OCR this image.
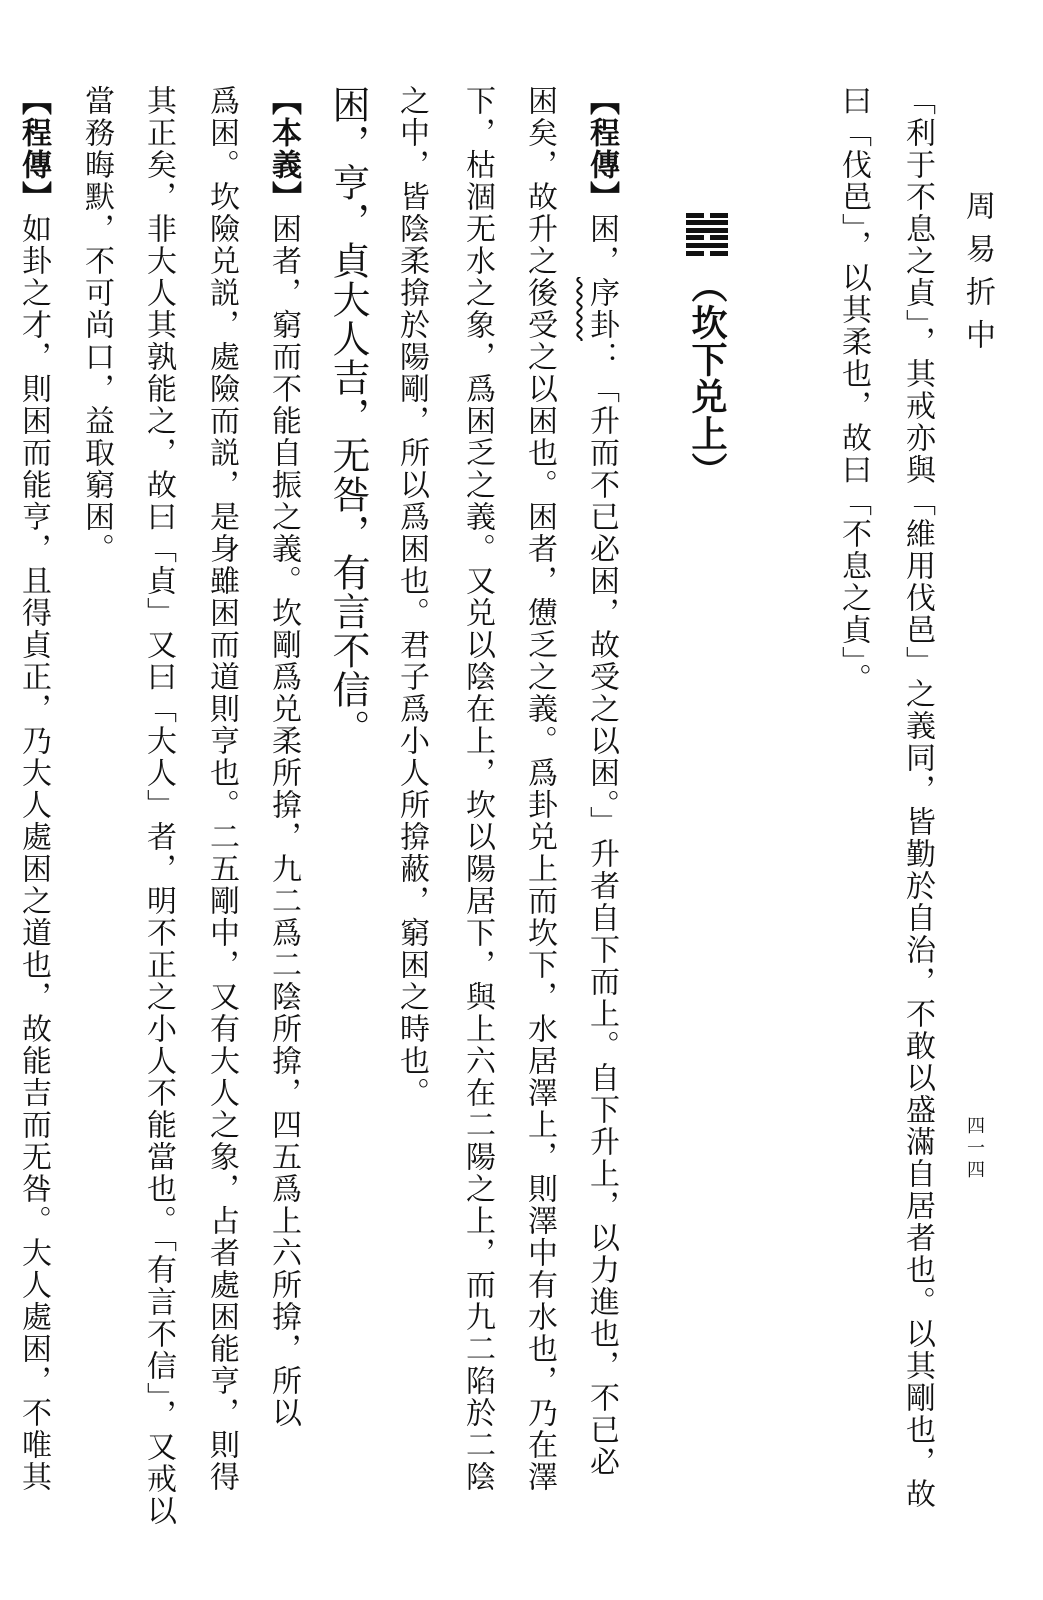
周易折中
四一四
「利于不息之貞」，其戒亦與「維用伐邑」之義同，皆勤於自治，不敢以盛滿自居者也。以其剛也，故
曰「伐邑」，以其柔也，故曰「不息之貞」。
（坎下兑上）
【程傳】困，序卦：「升而不已必困，故受之以困。」升者自下而上。自下升上，以力進也，不已必
困矣，故升之後受之以困也。困者，憊乏之義。爲卦兑上而坎下，水居澤上，則澤中有水也，乃在澤
下，枯涸无水之象，爲困乏之義。又兑以陰在上，坎以陽居下，與上六在二陽之上，而九二陷於二陰
之中，皆陰柔揜於陽剛，所以爲困也。君子爲小人所揜蔽，窮困之時也。
困，亨，貞大人吉，无咎，有言不信。
【本義】困者，窮而不能自振之義。坎剛爲兑柔所揜，九二爲二陰所揜，四五爲上六所揜，所以
爲困。坎險兑説，處險而説，是身雖困而道則亨也。二五剛中，又有大人之象，占者處困能亨，則得
其正矣，非大人其孰能之，故曰「貞」又曰「大人」者，明不正之小人不能當也。「有言不信」，又戒以
當務晦默，不可尚口，益取窮困。
【程傳】如卦之才，則困而能亨，且得貞正，乃大人處困之道也，故能吉而无咎。大人處困，不唯其
